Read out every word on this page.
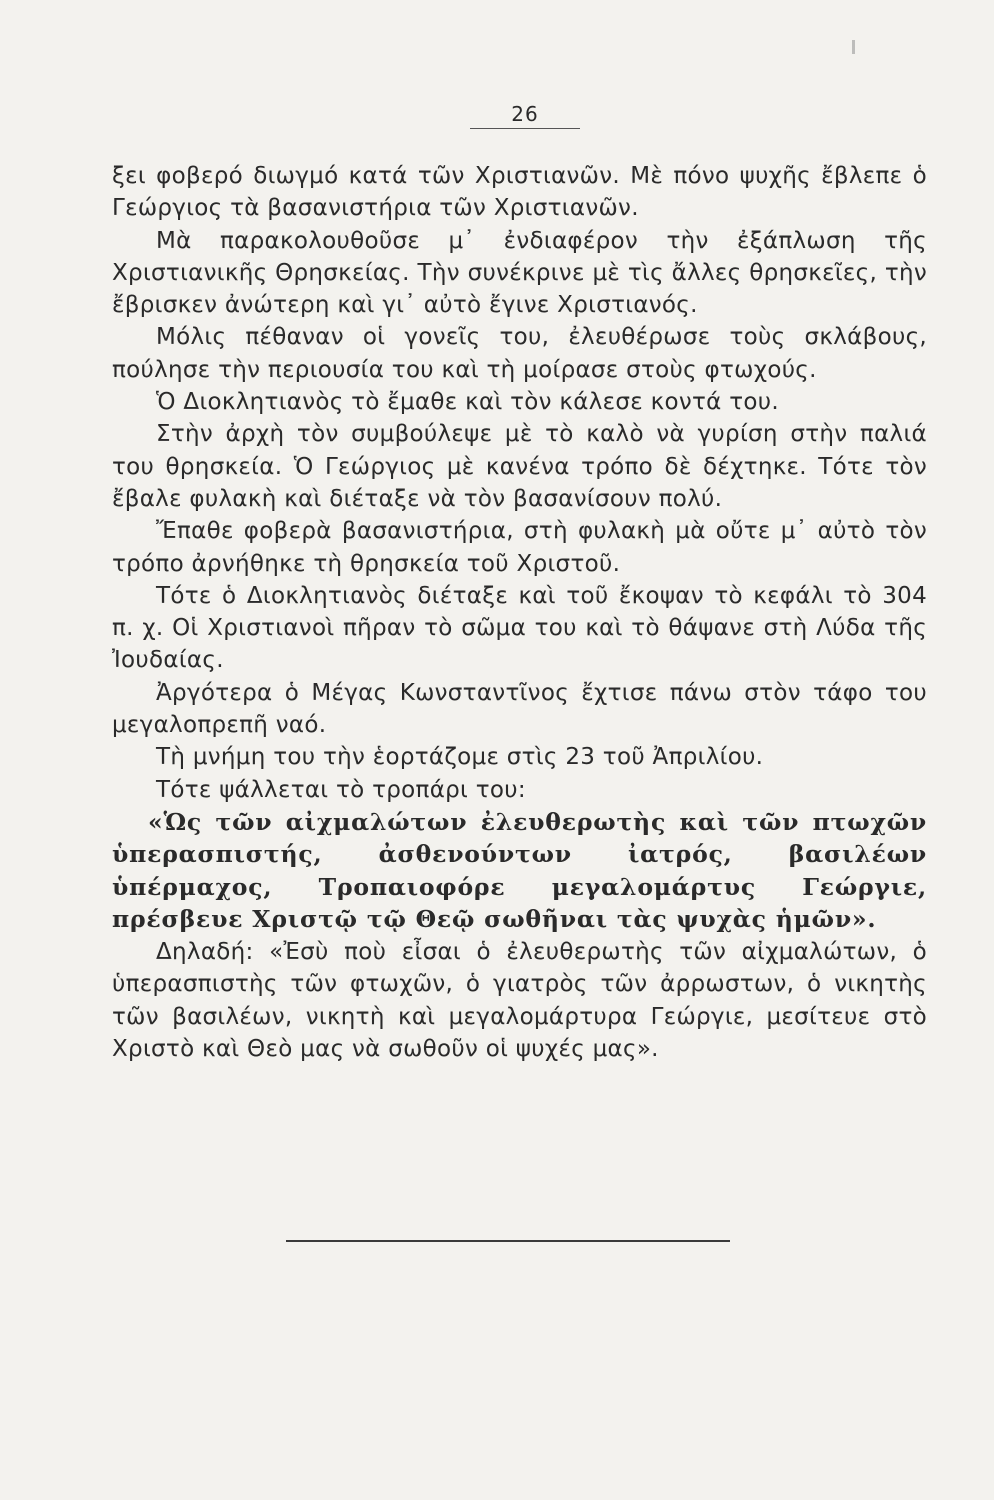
26

ξει φοβερό διωγμό κατά τῶν Χριστιανῶν. Μὲ πόνο ψυχῆς ἔβλεπε ὁ Γεώργιος τὰ βασανιστήρια τῶν Χριστιανῶν.

Μὰ παρακολουθοῦσε μ᾽ ἐνδιαφέρον τὴν ἐξάπλωση τῆς Χριστιανικῆς Θρησκείας. Τὴν συνέκρινε μὲ τὶς ἄλλες θρησκεῖες, τὴν ἔβρισκεν ἀνώτερη καὶ γι᾽ αὐτὸ ἔγινε Χριστιανός.

Μόλις πέθαναν οἱ γονεῖς του, ἐλευθέρωσε τοὺς σκλάβους, πούλησε τὴν περιουσία του καὶ τὴ μοίρασε στοὺς φτωχούς.

Ὁ Διοκλητιανὸς τὸ ἔμαθε καὶ τὸν κάλεσε κοντά του.

Στὴν ἀρχὴ τὸν συμβούλεψε μὲ τὸ καλὸ νὰ γυρίση στὴν παλιά του θρησκεία. Ὁ Γεώργιος μὲ κανένα τρόπο δὲ δέχτηκε. Τότε τὸν ἔβαλε φυλακὴ καὶ διέταξε νὰ τὸν βασανίσουν πολύ.

Ἔπαθε φοβερὰ βασανιστήρια, στὴ φυλακὴ μὰ οὔτε μ᾽ αὐτὸ τὸν τρόπο ἀρνήθηκε τὴ θρησκεία τοῦ Χριστοῦ.

Τότε ὁ Διοκλητιανὸς διέταξε καὶ τοῦ ἔκοψαν τὸ κεφάλι τὸ 304 π. χ. Οἱ Χριστιανοὶ πῆραν τὸ σῶμα του καὶ τὸ θάψανε στὴ Λύδα τῆς Ἰουδαίας.

Ἀργότερα ὁ Μέγας Κωνσταντῖνος ἔχτισε πάνω στὸν τάφο του μεγαλοπρεπῆ ναό.

Τὴ μνήμη του τὴν ἑορτάζομε στὶς 23 τοῦ Ἀπριλίου.

Τότε ψάλλεται τὸ τροπάρι του:

«Ὡς τῶν αἰχμαλώτων ἐλευθερωτὴς καὶ τῶν πτωχῶν ὑπερασπιστής, ἀσθενούντων ἰατρός, βασιλέων ὑπέρμαχος, Τροπαιοφόρε μεγαλομάρτυς Γεώργιε, πρέσβευε Χριστῷ τῷ Θεῷ σωθῆναι τὰς ψυχὰς ἡμῶν».

Δηλαδή: «Ἐσὺ ποὺ εἶσαι ὁ ἐλευθερωτὴς τῶν αἰχμαλώτων, ὁ ὑπερασπιστὴς τῶν φτωχῶν, ὁ γιατρὸς τῶν ἀρρωστων, ὁ νικητὴς τῶν βασιλέων, νικητὴ καὶ μεγαλομάρτυρα Γεώργιε, μεσίτευε στὸ Χριστὸ καὶ Θεὸ μας νὰ σωθοῦν οἱ ψυχές μας».
